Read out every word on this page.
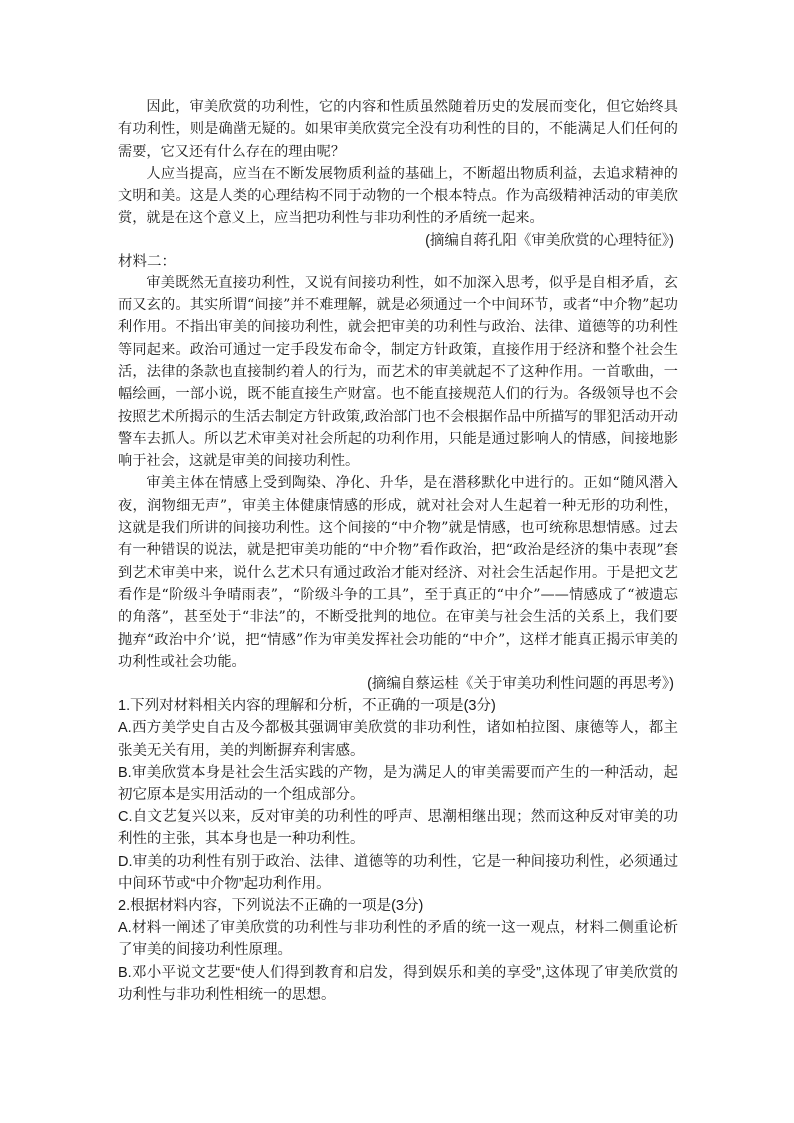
因此，审美欣赏的功利性，它的内容和性质虽然随着历史的发展而变化，但它始终具有功利性，则是确凿无疑的。如果审美欣赏完全没有功利性的目的，不能满足人们任何的需要，它又还有什么存在的理由呢？

人应当提高，应当在不断发展物质利益的基础上，不断超出物质利益，去追求精神的文明和美。这是人类的心理结构不同于动物的一个根本特点。作为高级精神活动的审美欣赏，就是在这个意义上，应当把功利性与非功利性的矛盾统一起来。

(摘编自蒋孔阳《审美欣赏的心理特征》)

材料二：

审美既然无直接功利性，又说有间接功利性，如不加深入思考，似乎是自相矛盾，玄而又玄的。其实所谓“间接”并不难理解，就是必须通过一个中间环节，或者“中介物”起功利作用。不指出审美的间接功利性，就会把审美的功利性与政治、法律、道德等的功利性等同起来。政治可通过一定手段发布命令，制定方针政策，直接作用于经济和整个社会生活，法律的条款也直接制约着人的行为，而艺术的审美就起不了这种作用。一首歌曲，一幅绘画，一部小说，既不能直接生产财富。也不能直接规范人们的行为。各级领导也不会按照艺术所揭示的生活去制定方针政策,政治部门也不会根据作品中所描写的罪犯活动开动警车去抓人。所以艺术审美对社会所起的功利作用，只能是通过影响人的情感，间接地影响于社会，这就是审美的间接功利性。

审美主体在情感上受到陶染、净化、升华，是在潜移默化中进行的。正如“随风潜入夜，润物细无声”，审美主体健康情感的形成，就对社会对人生起着一种无形的功利性，这就是我们所讲的间接功利性。这个间接的“中介物”就是情感，也可统称思想情感。过去有一种错误的说法，就是把审美功能的“中介物”看作政治，把“政治是经济的集中表现”套到艺术审美中来，说什么艺术只有通过政治才能对经济、对社会生活起作用。于是把文艺看作是“阶级斗争晴雨表”，“阶级斗争的工具”，至于真正的“中介”——情感成了“被遗忘的角落”，甚至处于“非法”的，不断受批判的地位。在审美与社会生活的关系上，我们要抛弃“政治中介’说，把“情感”作为审美发挥社会功能的“中介”，这样才能真正揭示审美的功利性或社会功能。

(摘编自蔡运桂《关于审美功利性问题的再思考》)

1.下列对材料相关内容的理解和分析，不正确的一项是(3分)

A.西方美学史自古及今都极其强调审美欣赏的非功利性，诸如柏拉图、康德等人，都主张美无关有用，美的判断摒弃利害感。

B.审美欣赏本身是社会生活实践的产物，是为满足人的审美需要而产生的一种活动，起初它原本是实用活动的一个组成部分。

C.自文艺复兴以来，反对审美的功利性的呼声、思潮相继出现；然而这种反对审美的功利性的主张，其本身也是一种功利性。

D.审美的功利性有别于政治、法律、道德等的功利性，它是一种间接功利性，必须通过中间环节或“中介物”起功利作用。

2.根据材料内容，下列说法不正确的一项是(3分)

A.材料一阐述了审美欣赏的功利性与非功利性的矛盾的统一这一观点，材料二侧重论析了审美的间接功利性原理。

B.邓小平说文艺要“使人们得到教育和启发，得到娱乐和美的享受”,这体现了审美欣赏的功利性与非功利性相统一的思想。
